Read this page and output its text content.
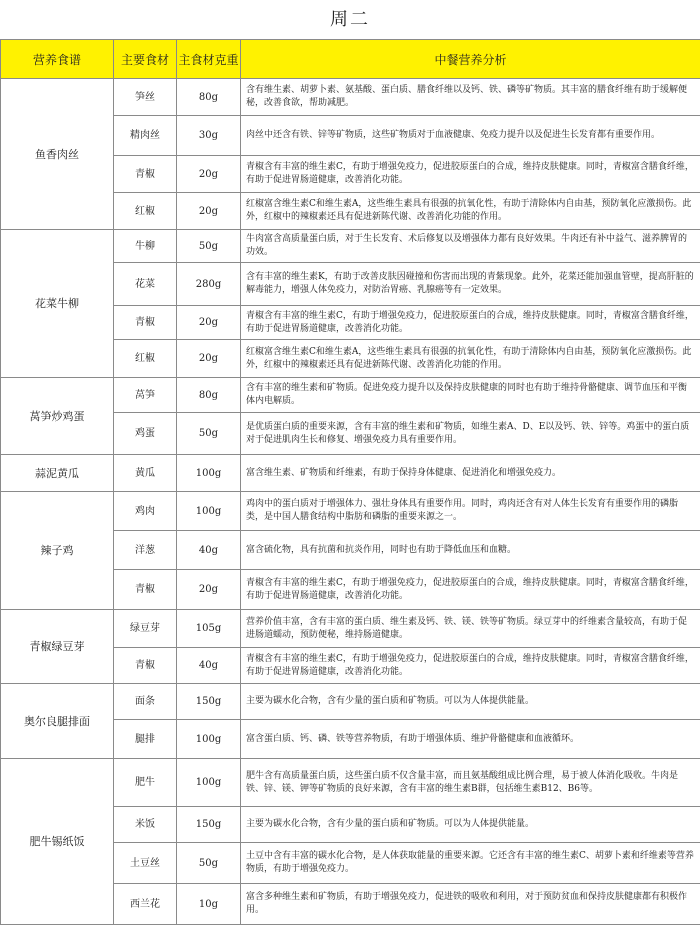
周二
营养食谱	主要食材	主食材克重	中餐营养分析
鱼香肉丝	笋丝	80g	含有维生素、胡萝卜素、氨基酸、蛋白质、膳食纤维以及钙、铁、磷等矿物质。其丰富的膳食纤维有助于缓解便秘，改善食欲，帮助减肥。
	精肉丝	30g	肉丝中还含有铁、锌等矿物质，这些矿物质对于血液健康、免疫力提升以及促进生长发育都有重要作用。
	青椒	20g	青椒含有丰富的维生素C，有助于增强免疫力，促进胶原蛋白的合成，维持皮肤健康。同时，青椒富含膳食纤维，有助于促进胃肠道健康，改善消化功能。
	红椒	20g	红椒富含维生素C和维生素A，这些维生素具有很强的抗氧化性，有助于清除体内自由基，预防氧化应激损伤。此外，红椒中的辣椒素还具有促进新陈代谢、改善消化功能的作用。
花菜牛柳	牛柳	50g	牛肉富含高质量蛋白质，对于生长发育、术后修复以及增强体力都有良好效果。牛肉还有补中益气、滋养脾胃的功效。
	花菜	280g	含有丰富的维生素K，有助于改善皮肤因碰撞和伤害而出现的青紫现象。此外，花菜还能加强血管壁，提高肝脏的解毒能力，增强人体免疫力，对防治胃癌、乳腺癌等有一定效果。
	青椒	20g	青椒含有丰富的维生素C，有助于增强免疫力，促进胶原蛋白的合成，维持皮肤健康。同时，青椒富含膳食纤维，有助于促进胃肠道健康，改善消化功能。
	红椒	20g	红椒富含维生素C和维生素A，这些维生素具有很强的抗氧化性，有助于清除体内自由基，预防氧化应激损伤。此外，红椒中的辣椒素还具有促进新陈代谢、改善消化功能的作用。
莴笋炒鸡蛋	莴笋	80g	含有丰富的维生素和矿物质。促进免疫力提升以及保持皮肤健康的同时也有助于维持骨骼健康、调节血压和平衡体内电解质。
	鸡蛋	50g	是优质蛋白质的重要来源，含有丰富的维生素和矿物质，如维生素A、D、E以及钙、铁、锌等。鸡蛋中的蛋白质对于促进肌肉生长和修复、增强免疫力具有重要作用。
蒜泥黄瓜	黄瓜	100g	富含维生素、矿物质和纤维素，有助于保持身体健康、促进消化和增强免疫力。
辣子鸡	鸡肉	100g	鸡肉中的蛋白质对于增强体力、强壮身体具有重要作用。同时，鸡肉还含有对人体生长发育有重要作用的磷脂类，是中国人膳食结构中脂肪和磷脂的重要来源之一。
	洋葱	40g	富含硫化物，具有抗菌和抗炎作用，同时也有助于降低血压和血糖。
	青椒	20g	青椒含有丰富的维生素C，有助于增强免疫力，促进胶原蛋白的合成，维持皮肤健康。同时，青椒富含膳食纤维，有助于促进胃肠道健康，改善消化功能。
青椒绿豆芽	绿豆芽	105g	营养价值丰富，含有丰富的蛋白质、维生素及钙、铁、镁、铁等矿物质。绿豆芽中的纤维素含量较高，有助于促进肠道蠕动，预防便秘，维持肠道健康。
	青椒	40g	青椒含有丰富的维生素C，有助于增强免疫力，促进胶原蛋白的合成，维持皮肤健康。同时，青椒富含膳食纤维，有助于促进胃肠道健康，改善消化功能。
奥尔良腿排面	面条	150g	主要为碳水化合物，含有少量的蛋白质和矿物质。可以为人体提供能量。
	腿排	100g	富含蛋白质、钙、磷、铁等营养物质，有助于增强体质、维护骨骼健康和血液循环。
肥牛锡纸饭	肥牛	100g	肥牛含有高质量蛋白质，这些蛋白质不仅含量丰富，而且氨基酸组成比例合理，易于被人体消化吸收。牛肉是铁、锌、镁、钾等矿物质的良好来源，含有丰富的维生素B群，包括维生素B12、B6等。
	米饭	150g	主要为碳水化合物，含有少量的蛋白质和矿物质。可以为人体提供能量。
	土豆丝	50g	土豆中含有丰富的碳水化合物，是人体获取能量的重要来源。它还含有丰富的维生素C、胡萝卜素和纤维素等营养物质，有助于增强免疫力。
	西兰花	10g	富含多种维生素和矿物质，有助于增强免疫力，促进铁的吸收和利用，对于预防贫血和保持皮肤健康都有积极作用。
